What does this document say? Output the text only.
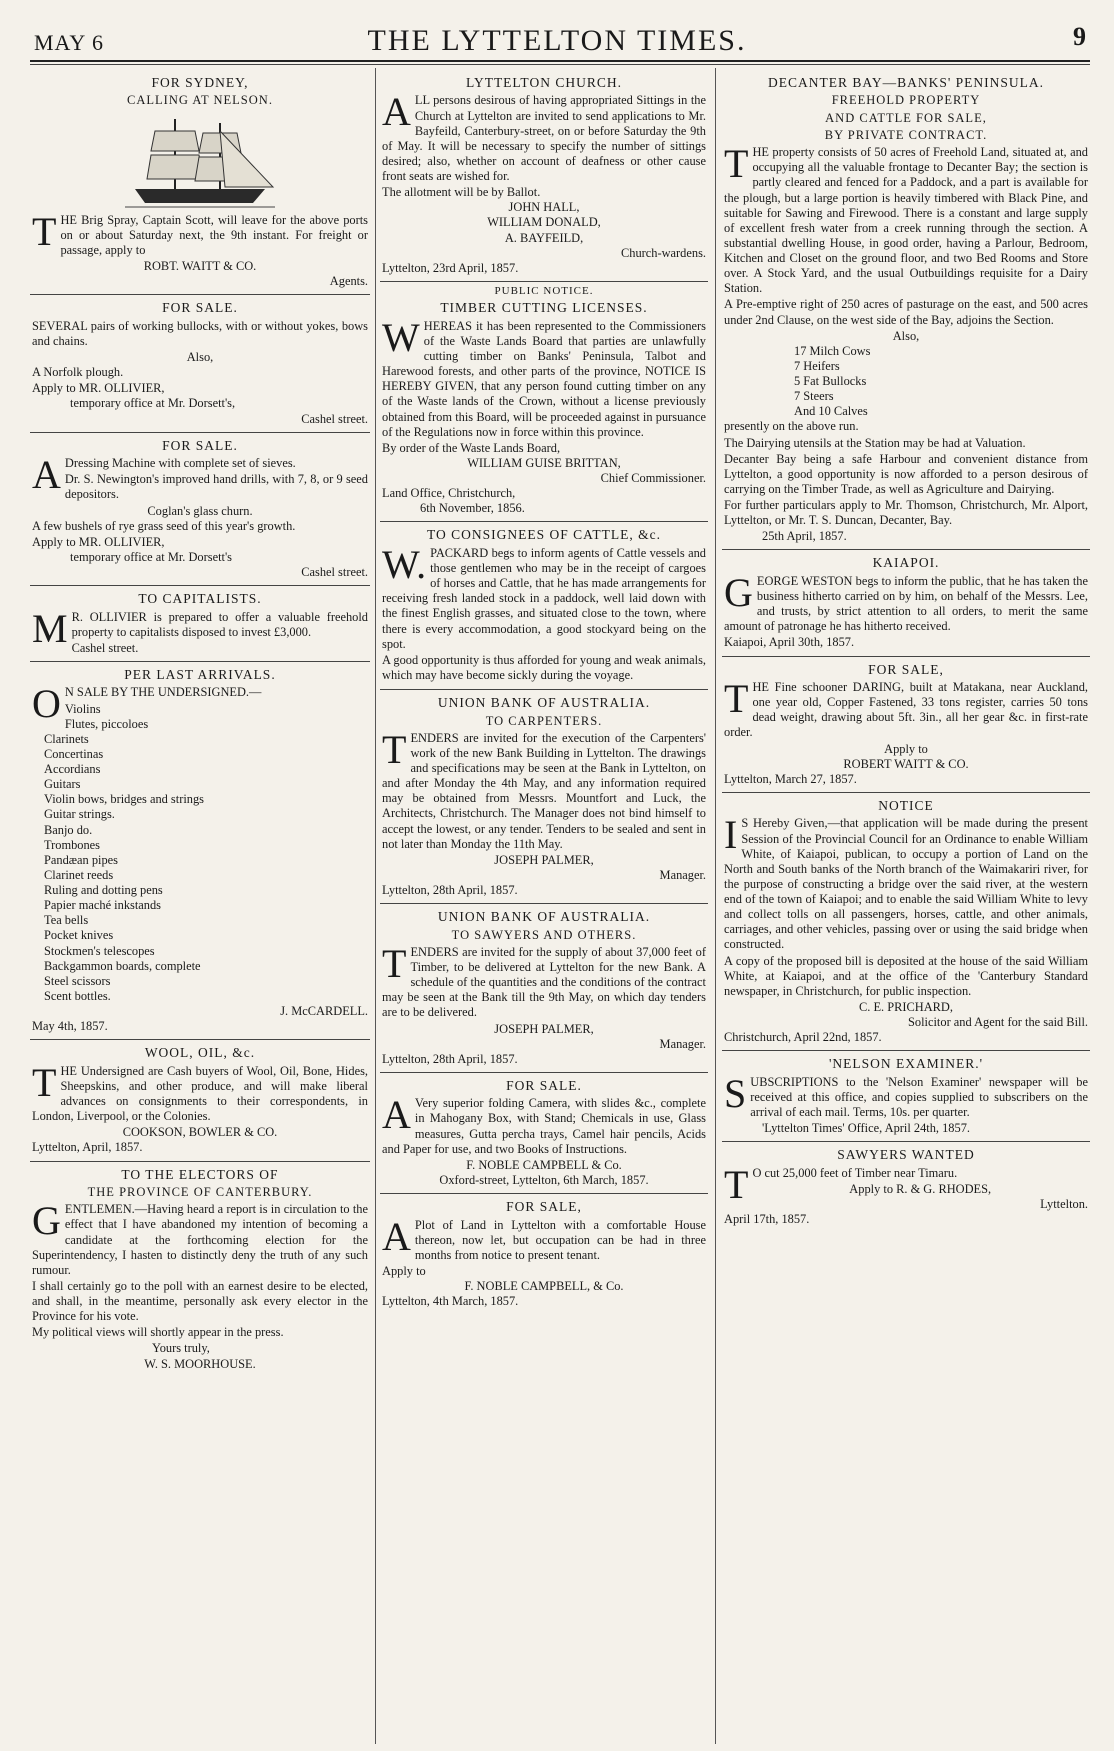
MAY 6	THE LYTTELTON TIMES.	9
FOR SYDNEY,
CALLING AT NELSON.

THE Brig Spray, Captain Scott, will leave for the above ports on or about Saturday next, the 9th instant. For freight or passage, apply to

ROBT. WAITT & CO.
Agents.
FOR SALE.

SEVERAL pairs of working bullocks, with or without yokes, bows and chains.

Also,

A Norfolk plough.

Apply to MR. OLLIVIER,
temporary office at Mr. Dorsett's,
Cashel street.
FOR SALE.

ADressing Machine with complete set of sieves.

Dr. S. Newington's improved hand drills, with 7, 8, or 9 seed depositors.

Coglan's glass churn.

A few bushels of rye grass seed of this year's growth.

Apply to MR. OLLIVIER,
temporary office at Mr. Dorsett's
Cashel street.
TO CAPITALISTS.

MR. OLLIVIER is prepared to offer a valuable freehold property to capitalists disposed to invest £3,000.

Cashel street.
PER LAST ARRIVALS.

ON SALE BY THE UNDERSIGNED.—

Violins
Flutes, piccoloes
Clarinets
Concertinas
Accordians
Guitars
Violin bows, bridges and strings
Guitar strings.
Banjo do.
Trombones
Pandæan pipes
Clarinet reeds
Ruling and dotting pens
Papier maché inkstands
Tea bells
Pocket knives
Stockmen's telescopes
Backgammon boards, complete
Steel scissors
Scent bottles.
J. McCARDELL.
May 4th, 1857.
WOOL, OIL, &c.

THE Undersigned are Cash buyers of Wool, Oil, Bone, Hides, Sheepskins, and other produce, and will make liberal advances on consignments to their correspondents, in London, Liverpool, or the Colonies.

COOKSON, BOWLER & CO.
Lyttelton, April, 1857.
TO THE ELECTORS OF
THE PROVINCE OF CANTERBURY.

GENTLEMEN.—Having heard a report is in circulation to the effect that I have abandoned my intention of becoming a candidate at the forthcoming election for the Superintendency, I hasten to distinctly deny the truth of any such rumour.

I shall certainly go to the poll with an earnest desire to be elected, and shall, in the meantime, personally ask every elector in the Province for his vote.

My political views will shortly appear in the press.

Yours truly,
W. S. MOORHOUSE.
LYTTELTON CHURCH.

ALL persons desirous of having appropriated Sittings in the Church at Lyttelton are invited to send applications to Mr. Bayfeild, Canterbury-street, on or before Saturday the 9th of May. It will be necessary to specify the number of sittings desired; also, whether on account of deafness or other cause front seats are wished for.

The allotment will be by Ballot.
JOHN HALL,
WILLIAM DONALD,
A. BAYFEILD,
Church-wardens.
Lyttelton, 23rd April, 1857.
PUBLIC NOTICE.
TIMBER CUTTING LICENSES.

WHEREAS it has been represented to the Commissioners of the Waste Lands Board that parties are unlawfully cutting timber on Banks' Peninsula, Talbot and Harewood forests, and other parts of the province, NOTICE IS HEREBY GIVEN, that any person found cutting timber on any of the Waste lands of the Crown, without a license previously obtained from this Board, will be proceeded against in pursuance of the Regulations now in force within this province.

By order of the Waste Lands Board,
WILLIAM GUISE BRITTAN,
Chief Commissioner.
Land Office, Christchurch,
6th November, 1856.
TO CONSIGNEES OF CATTLE, &c.

W.PACKARD begs to inform agents of Cattle vessels and those gentlemen who may be in the receipt of cargoes of horses and Cattle, that he has made arrangements for receiving fresh landed stock in a paddock, well laid down with the finest English grasses, and situated close to the town, where there is every accommodation, a good stockyard being on the spot.

A good opportunity is thus afforded for young and weak animals, which may have become sickly during the voyage.

UNION BANK OF AUSTRALIA.
TO CARPENTERS.

TENDERS are invited for the execution of the Carpenters' work of the new Bank Building in Lyttelton. The drawings and specifications may be seen at the Bank in Lyttelton, on and after Monday the 4th May, and any information required may be obtained from Messrs. Mountfort and Luck, the Architects, Christchurch. The Manager does not bind himself to accept the lowest, or any tender. Tenders to be sealed and sent in not later than Monday the 11th May.

JOSEPH PALMER,
Manager.
Lyttelton, 28th April, 1857.
UNION BANK OF AUSTRALIA.
TO SAWYERS AND OTHERS.

TENDERS are invited for the supply of about 37,000 feet of Timber, to be delivered at Lyttelton for the new Bank. A schedule of the quantities and the conditions of the contract may be seen at the Bank till the 9th May, on which day tenders are to be delivered.

JOSEPH PALMER,
Manager.
Lyttelton, 28th April, 1857.
FOR SALE.

AVery superior folding Camera, with slides &c., complete in Mahogany Box, with Stand; Chemicals in use, Glass measures, Gutta percha trays, Camel hair pencils, Acids and Paper for use, and two Books of Instructions.

F. NOBLE CAMPBELL & Co.
Oxford-street, Lyttelton, 6th March, 1857.
FOR SALE,

APlot of Land in Lyttelton with a comfortable House thereon, now let, but occupation can be had in three months from notice to present tenant.

Apply to
F. NOBLE CAMPBELL, & Co.
Lyttelton, 4th March, 1857.
DECANTER BAY—BANKS' PENINSULA.
FREEHOLD PROPERTY
AND CATTLE FOR SALE,
BY PRIVATE CONTRACT.

THE property consists of 50 acres of Freehold Land, situated at, and occupying all the valuable frontage to Decanter Bay; the section is partly cleared and fenced for a Paddock, and a part is available for the plough, but a large portion is heavily timbered with Black Pine, and suitable for Sawing and Firewood. There is a constant and large supply of excellent fresh water from a creek running through the section. A substantial dwelling House, in good order, having a Parlour, Bedroom, Kitchen and Closet on the ground floor, and two Bed Rooms and Store over. A Stock Yard, and the usual Outbuildings requisite for a Dairy Station.

A Pre-emptive right of 250 acres of pasturage on the east, and 500 acres under 2nd Clause, on the west side of the Bay, adjoins the Section.

Also,
17 Milch Cows
7 Heifers
5 Fat Bullocks
7 Steers
And 10 Calves

presently on the above run.

The Dairying utensils at the Station may be had at Valuation.

Decanter Bay being a safe Harbour and convenient distance from Lyttelton, a good opportunity is now afforded to a person desirous of carrying on the Timber Trade, as well as Agriculture and Dairying.

For further particulars apply to Mr. Thomson, Christchurch, Mr. Alport, Lyttelton, or Mr. T. S. Duncan, Decanter, Bay.

25th April, 1857.
KAIAPOI.

GEORGE WESTON begs to inform the public, that he has taken the business hitherto carried on by him, on behalf of the Messrs. Lee, and trusts, by strict attention to all orders, to merit the same amount of patronage he has hitherto received.

Kaiapoi, April 30th, 1857.
FOR SALE,

THE Fine schooner DARING, built at Matakana, near Auckland, one year old, Copper Fastened, 33 tons register, carries 50 tons dead weight, drawing about 5ft. 3in., all her gear &c. in first-rate order.

Apply to
ROBERT WAITT & CO.
Lyttelton, March 27, 1857.
NOTICE

IS Hereby Given,—that application will be made during the present Session of the Provincial Council for an Ordinance to enable William White, of Kaiapoi, publican, to occupy a portion of Land on the North and South banks of the North branch of the Waimakariri river, for the purpose of constructing a bridge over the said river, at the western end of the town of Kaiapoi; and to enable the said William White to levy and collect tolls on all passengers, horses, cattle, and other animals, carriages, and other vehicles, passing over or using the said bridge when constructed.

A copy of the proposed bill is deposited at the house of the said William White, at Kaiapoi, and at the office of the 'Canterbury Standard newspaper, in Christchurch, for public inspection.

C. E. PRICHARD,
Solicitor and Agent for the said Bill.
Christchurch, April 22nd, 1857.
'NELSON EXAMINER.'

SUBSCRIPTIONS to the 'Nelson Examiner' newspaper will be received at this office, and copies supplied to subscribers on the arrival of each mail. Terms, 10s. per quarter.

'Lyttelton Times' Office, April 24th, 1857.
SAWYERS WANTED

TO cut 25,000 feet of Timber near Timaru.

Apply to R. & G. RHODES,
Lyttelton.
April 17th, 1857.
